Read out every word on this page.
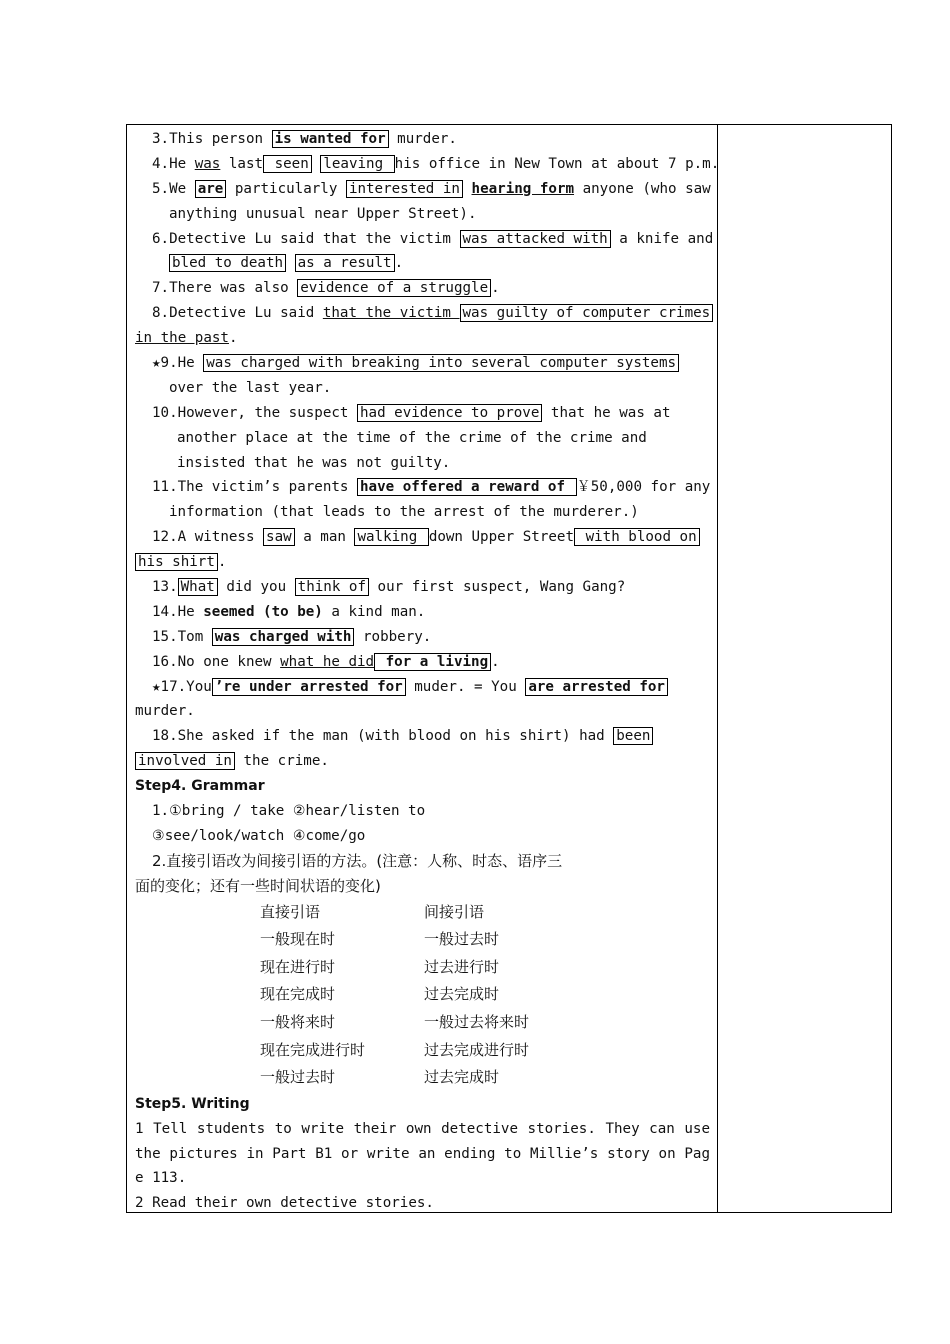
3.This person is wanted for murder.
4.He was last seen leaving his office in New Town at about 7 p.m.
5.We are particularly interested in hearing form anyone (who saw
anything unusual near Upper Street).
6.Detective Lu said that the victim was attacked with a knife and
bled to death as a result .
7.There was also evidence of a struggle .
8.Detective Lu said that the victim was guilty of computer crimes
in the past.
★9.He was charged with breaking into several computer systems
over the last year.
10.However, the suspect had evidence to prove that he was at
another place at the time of the crime of the crime and
insisted that he was not guilty.
11.The victim’s parents have offered a reward of ￥50,000 for any
information (that leads to the arrest of the murderer.)
12.A witness saw a man walking down Upper Street with blood on
his shirt .
13. What did you think of our first suspect, Wang Gang?
14.He seemed (to be) a kind man.
15.Tom was charged with robbery.
16.No one knew what he did for a living .
★17.You ’re under arrested for muder. = You are arrested for
murder.
18.She asked if the man (with blood on his shirt) had been
involved in the crime.
Step4. Grammar
1.①bring / take ②hear/listen to
③see/look/watch ④come/go
2.直接引语改为间接引语的方法。(注意：人称、时态、语序三
面的变化；还有一些时间状语的变化)
直接引语	间接引语
一般现在时	一般过去时
现在进行时	过去进行时
现在完成时	过去完成时
一般将来时	一般过去将来时
现在完成进行时	过去完成进行时
一般过去时	过去完成时
Step5. Writing
1 Tell students to write their own detective stories. They can use
the pictures in Part B1 or write an ending to Millie’s story on Pag
e 113.
2 Read their own detective stories.
